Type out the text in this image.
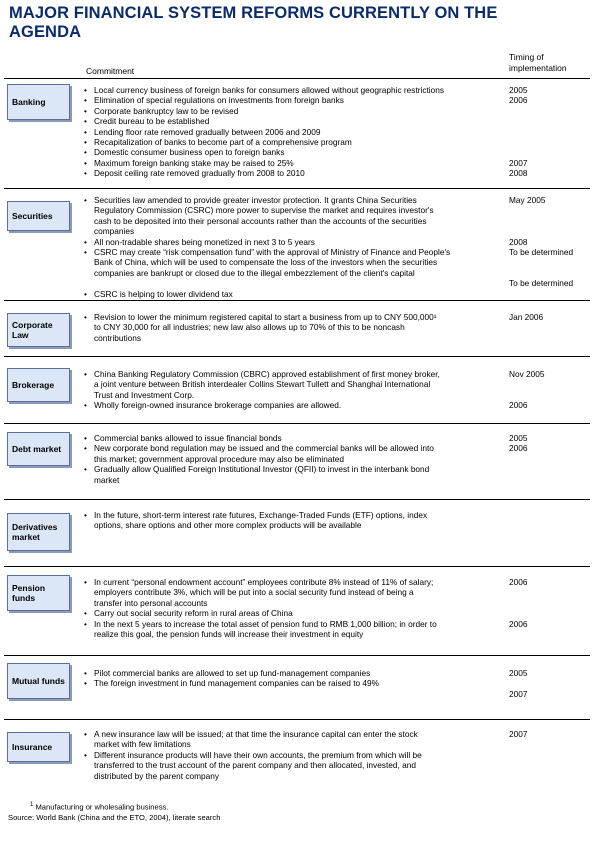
MAJOR FINANCIAL SYSTEM REFORMS CURRENTLY ON THE AGENDA
Commitment
Timing of implementation
Banking
• Local currency business of foreign banks for consumers allowed without geographic restrictions
• Elimination of special regulations on investments from foreign banks
• Corporate bankruptcy law to be revised
• Credit bureau to be established
• Lending floor rate removed gradually between 2006 and 2009
• Recapitalization of banks to become part of a comprehensive program
• Domestic consumer business open to foreign banks
• Maximum foreign banking stake may be raised to 25%
• Deposit ceiling rate removed gradually from 2008 to 2010
2005
2006
2007
2008
Securities
• Securities law amended to provide greater investor protection. It grants China Securities
Regulatory Commission (CSRC) more power to supervise the market and requires investor's
cash to be deposited into their personal accounts rather than the accounts of the securities
companies
• All non-tradable shares being monetized in next 3 to 5 years
• CSRC may create “risk compensation fund” with the approval of Ministry of Finance and People's
Bank of China, which will be used to compensate the loss of the investors when the securities
companies are bankrupt or closed due to the illegal embezzlement of the client's capital
• CSRC is helping to lower dividend tax
May 2005
2008
To be determined
To be determined
Corporate Law
• Revision to lower the minimum registered capital to start a business from up to CNY 500,000¹
to CNY 30,000 for all industries; new law also allows up to 70% of this to be noncash
contributions
Jan 2006
Brokerage
• China Banking Regulatory Commission (CBRC) approved establishment of first money broker,
a joint venture between British interdealer Collins Stewart Tullett and Shanghai International
Trust and Investment Corp.
• Wholly foreign-owned insurance brokerage companies are allowed.
Nov 2005
2006
Debt market
• Commercial banks allowed to issue financial bonds
• New corporate bond regulation may be issued and the commercial banks will be allowed into
this market; government approval procedure may also be eliminated
• Gradually allow Qualified Foreign Institutional Investor (QFII) to invest in the interbank bond
market
2005
2006
Derivatives market
• In the future, short-term interest rate futures, Exchange-Traded Funds (ETF) options, index
options, share options and other more complex products will be available
Pension funds
• In current “personal endowment account” employees contribute 8% instead of 11% of salary;
employers contribute 3%, which will be put into a social security fund instead of being a
transfer into personal accounts
• Carry out social security reform in rural areas of China
• In the next 5 years to increase the total asset of pension fund to RMB 1,000 billion; in order to
realize this goal, the pension funds will increase their investment in equity
2006
2006
Mutual funds
• Pilot commercial banks are allowed to set up fund-management companies
• The foreign investment in fund management companies can be raised to 49%
2005
2007
Insurance
• A new insurance law will be issued; at that time the insurance capital can enter the stock
market with few limitations
• Different insurance products will have their own accounts, the premium from which will be
transferred to the trust account of the parent company and then allocated, invested, and
distributed by the parent company
2007
$^1$ Manufacturing or wholesaling business.
Source: World Bank (China and the ETO, 2004), literate search
